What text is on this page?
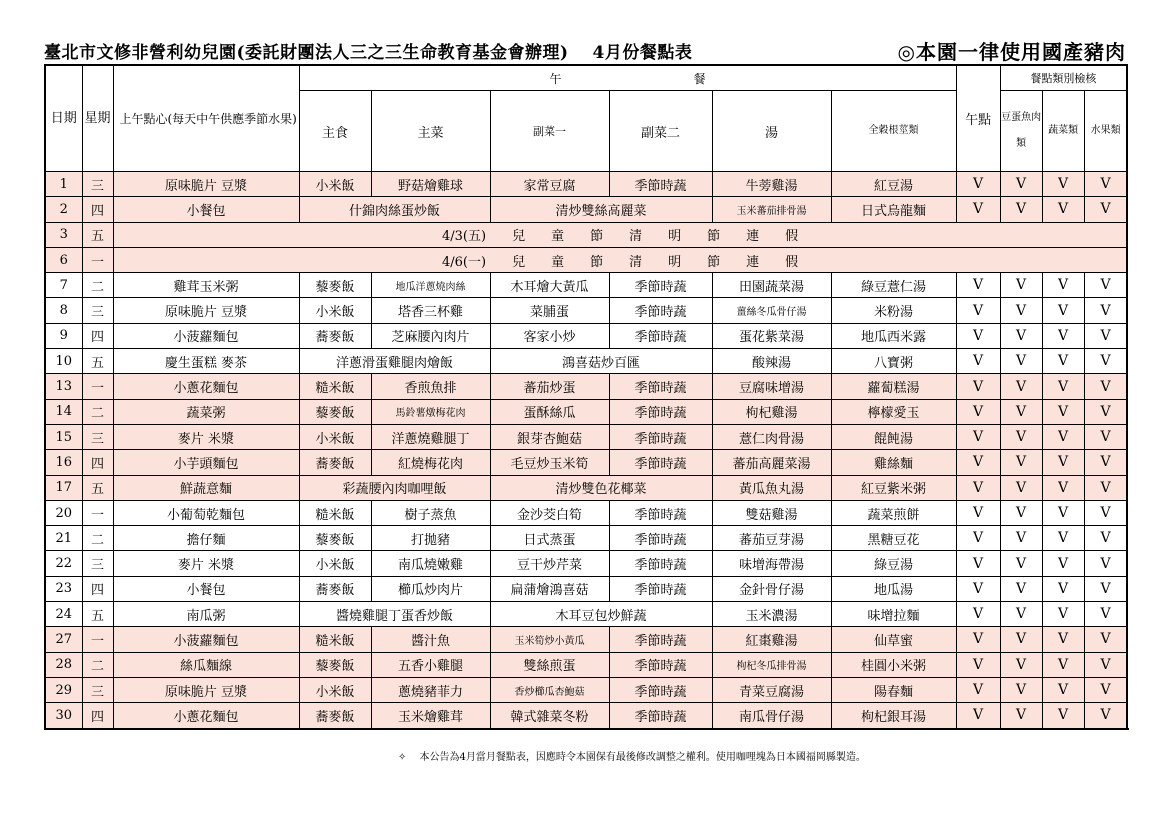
臺北市文修非營利幼兒園(委託財團法人三之三生命教育基金會辦理)　 4月份餐點表	◎本園一律使用國產豬肉
日期	星期	上午點心(每天中午供應季節水果)	午　　　　　　　　　　　餐						午點	餐點類別檢核		
			主食	主菜	副菜一	副菜二	湯	全穀根莖類		豆蛋魚肉類	蔬菜類	水果類
1	三	原味脆片 豆漿	小米飯	野菇燴雞球	家常豆腐	季節時蔬	牛蒡雞湯	紅豆湯	V	V	V	V
2	四	小餐包	什錦肉絲蛋炒飯		清炒雙絲高麗菜		玉米蕃茄排骨湯	日式烏龍麵	V	V	V	V
3	五	4/3(五)　　兒　　童　　節　　清　　明　　節　　連　　假										
6	一	4/6(一)　　兒　　童　　節　　清　　明　　節　　連　　假										
7	二	雞茸玉米粥	藜麥飯	地瓜洋蔥燒肉絲	木耳燴大黃瓜	季節時蔬	田園蔬菜湯	綠豆薏仁湯	V	V	V	V
8	三	原味脆片 豆漿	小米飯	塔香三杯雞	菜脯蛋	季節時蔬	薑絲冬瓜骨仔湯	米粉湯	V	V	V	V
9	四	小菠蘿麵包	蕎麥飯	芝麻腰內肉片	客家小炒	季節時蔬	蛋花紫菜湯	地瓜西米露	V	V	V	V
10	五	慶生蛋糕 麥茶	洋蔥滑蛋雞腿肉燴飯		鴻喜菇炒百匯		酸辣湯	八寶粥	V	V	V	V
13	一	小蔥花麵包	糙米飯	香煎魚排	蕃茄炒蛋	季節時蔬	豆腐味增湯	蘿蔔糕湯	V	V	V	V
14	二	蔬菜粥	藜麥飯	馬鈴薯燉梅花肉	蛋酥絲瓜	季節時蔬	枸杞雞湯	檸檬愛玉	V	V	V	V
15	三	麥片 米漿	小米飯	洋蔥燒雞腿丁	銀芽杏鮑菇	季節時蔬	薏仁肉骨湯	餛飩湯	V	V	V	V
16	四	小芋頭麵包	蕎麥飯	紅燒梅花肉	毛豆炒玉米筍	季節時蔬	蕃茄高麗菜湯	雞絲麵	V	V	V	V
17	五	鮮蔬意麵	彩蔬腰內肉咖哩飯		清炒雙色花椰菜		黃瓜魚丸湯	紅豆紫米粥	V	V	V	V
20	一	小葡萄乾麵包	糙米飯	樹子蒸魚	金沙茭白筍	季節時蔬	雙菇雞湯	蔬菜煎餅	V	V	V	V
21	二	擔仔麵	藜麥飯	打拋豬	日式蒸蛋	季節時蔬	蕃茄豆芽湯	黑糖豆花	V	V	V	V
22	三	麥片 米漿	小米飯	南瓜燒嫩雞	豆干炒芹菜	季節時蔬	味增海帶湯	綠豆湯	V	V	V	V
23	四	小餐包	蕎麥飯	櫛瓜炒肉片	扁蒲燴鴻喜菇	季節時蔬	金針骨仔湯	地瓜湯	V	V	V	V
24	五	南瓜粥	醬燒雞腿丁蛋香炒飯		木耳豆包炒鮮蔬		玉米濃湯	味增拉麵	V	V	V	V
27	一	小菠蘿麵包	糙米飯	醬汁魚	玉米筍炒小黃瓜	季節時蔬	紅棗雞湯	仙草蜜	V	V	V	V
28	二	絲瓜麵線	藜麥飯	五香小雞腿	雙絲煎蛋	季節時蔬	枸杞冬瓜排骨湯	桂圓小米粥	V	V	V	V
29	三	原味脆片 豆漿	小米飯	蔥燒豬菲力	香炒櫛瓜杏鮑菇	季節時蔬	青菜豆腐湯	陽春麵	V	V	V	V
30	四	小蔥花麵包	蕎麥飯	玉米燴雞茸	韓式雜菜冬粉	季節時蔬	南瓜骨仔湯	枸杞銀耳湯	V	V	V	V
✧　 本公告為4月當月餐點表，因應時令本園保有最後修改調整之權利。使用咖哩塊為日本國福岡縣製造。
